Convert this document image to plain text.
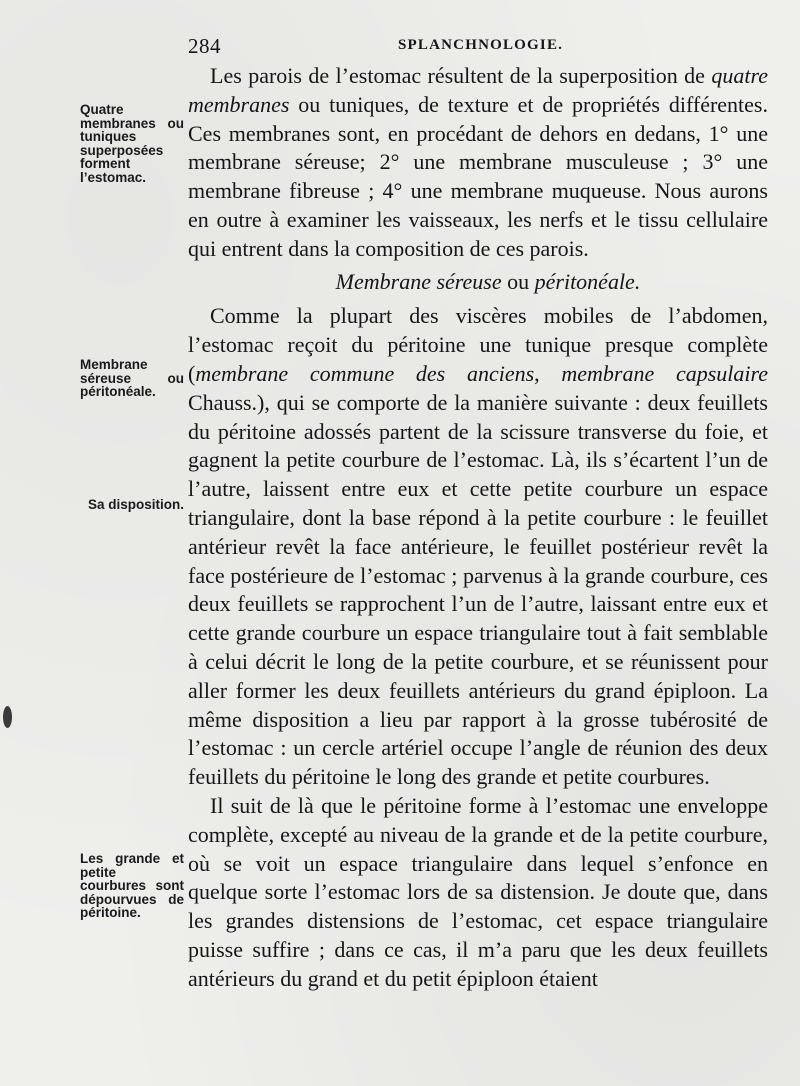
284	SPLANCHNOLOGIE.
Quatre membranes ou tuniques superposées forment l’estomac.
Membrane séreuse ou péritonéale.
Sa disposition.
Les grande et petite courbures sont dépourvues de péritoine.

Les parois de l’estomac résultent de la superposition de quatre membranes ou tuniques, de texture et de propriétés différentes. Ces membranes sont, en procédant de dehors en dedans, 1° une membrane séreuse; 2° une membrane musculeuse ; 3° une membrane fibreuse ; 4° une membrane muqueuse. Nous aurons en outre à examiner les vaisseaux, les nerfs et le tissu cellulaire qui entrent dans la composition de ces parois.

Membrane séreuse ou péritonéale.

Comme la plupart des viscères mobiles de l’abdomen, l’estomac reçoit du péritoine une tunique presque complète (membrane commune des anciens, membrane capsulaire Chauss.), qui se comporte de la manière suivante : deux feuillets du péritoine adossés partent de la scissure transverse du foie, et gagnent la petite courbure de l’estomac. Là, ils s’écartent l’un de l’autre, laissent entre eux et cette petite courbure un espace triangulaire, dont la base répond à la petite courbure : le feuillet antérieur revêt la face antérieure, le feuillet postérieur revêt la face postérieure de l’estomac ; parvenus à la grande courbure, ces deux feuillets se rapprochent l’un de l’autre, laissant entre eux et cette grande courbure un espace triangulaire tout à fait semblable à celui décrit le long de la petite courbure, et se réunissent pour aller former les deux feuillets antérieurs du grand épiploon. La même disposition a lieu par rapport à la grosse tubérosité de l’estomac : un cercle artériel occupe l’angle de réunion des deux feuillets du péritoine le long des grande et petite courbures.

Il suit de là que le péritoine forme à l’estomac une enveloppe complète, excepté au niveau de la grande et de la petite courbure, où se voit un espace triangulaire dans lequel s’enfonce en quelque sorte l’estomac lors de sa distension. Je doute que, dans les grandes distensions de l’estomac, cet espace triangulaire puisse suffire ; dans ce cas, il m’a paru que les deux feuillets antérieurs du grand et du petit épiploon étaient
